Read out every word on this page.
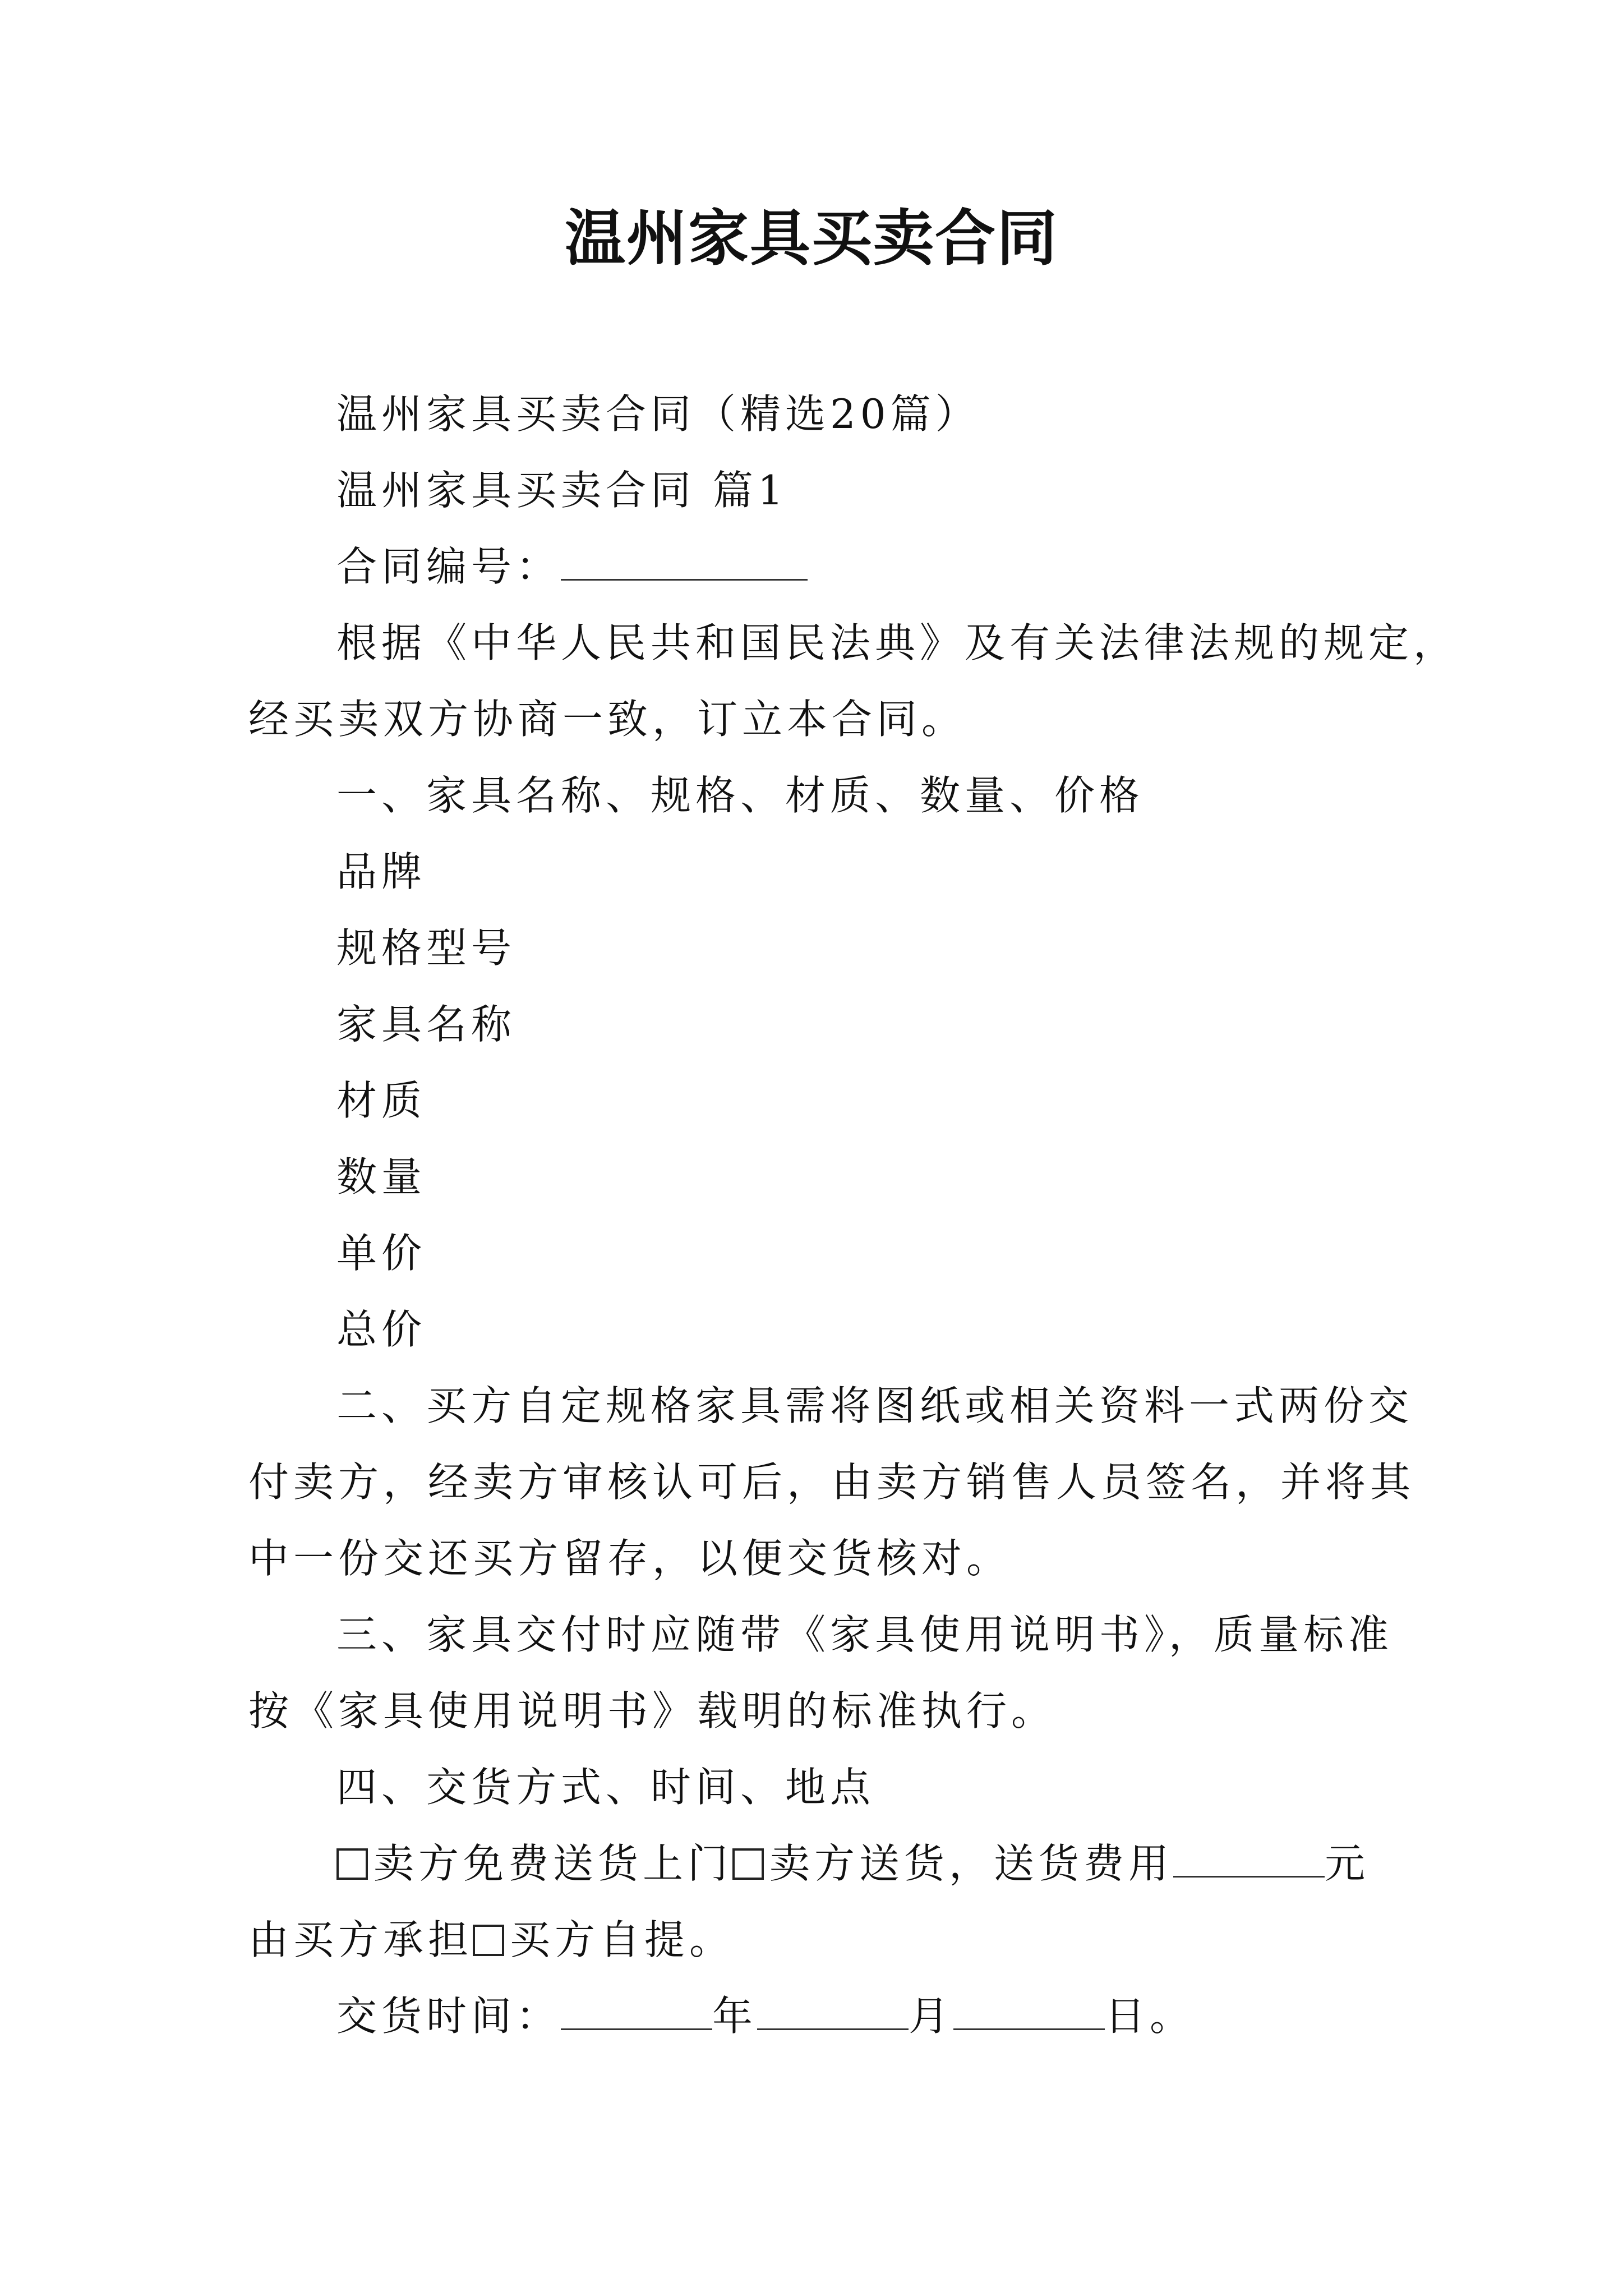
温州家具买卖合同

温州家具买卖合同（精选20篇）

温州家具买卖合同 篇1

合同编号：

根据《中华人民共和国民法典》及有关法律法规的规定，

经买卖双方协商一致，订立本合同。

一、家具名称、规格、材质、数量、价格

品牌

规格型号

家具名称

材质

数量

单价

总价

二、买方自定规格家具需将图纸或相关资料一式两份交

付卖方，经卖方审核认可后，由卖方销售人员签名，并将其

中一份交还买方留存，以便交货核对。

三、家具交付时应随带《家具使用说明书》，质量标准

按《家具使用说明书》载明的标准执行。

四、交货方式、时间、地点

卖方免费送货上门 卖方送货，送货费用	元

由买方承担 买方自提。

交货时间：	年	月	日。
